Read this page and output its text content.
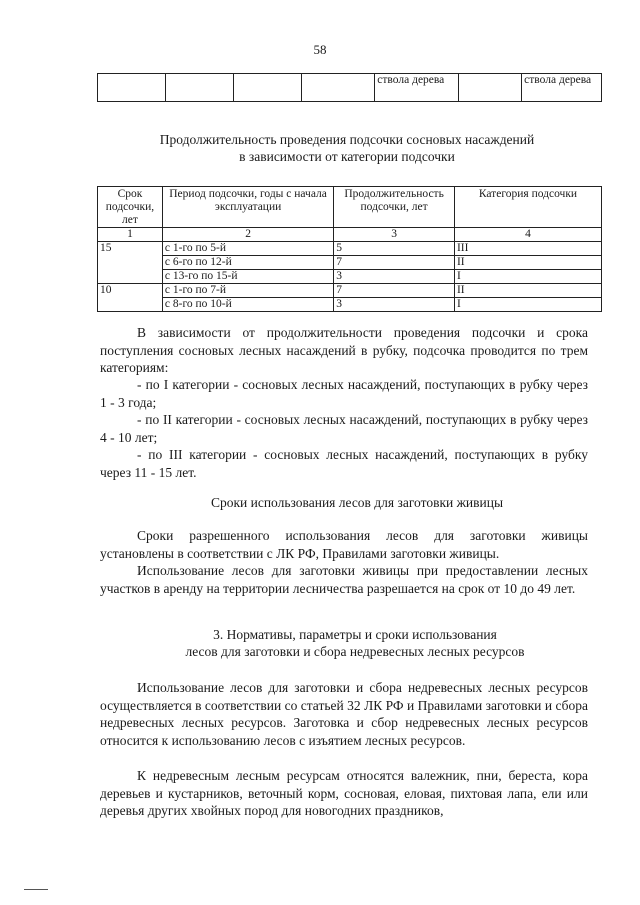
58
				ствола дерева		ствола дерева
Продолжительность проведения подсочки сосновых насаждений
в зависимости от категории подсочки
Срок подсочки, лет	Период подсочки, годы с начала эксплуатации	Продолжительность подсочки, лет	Категория подсочки
1	2	3	4
15	с 1-го по 5-й	5	III
	с 6-го по 12-й	7	II
	с 13-го по 15-й	3	I
10	с 1-го по 7-й	7	II
	с 8-го по 10-й	3	I
В зависимости от продолжительности проведения подсочки и срока поступления сосновых лесных насаждений в рубку, подсочка проводится по трем категориям:
- по I категории - сосновых лесных насаждений, поступающих в рубку через 1 - 3 года;
- по II категории - сосновых лесных насаждений, поступающих в рубку через 4 - 10 лет;
- по III категории - сосновых лесных насаждений, поступающих в рубку через 11 - 15 лет.
Сроки использования лесов для заготовки живицы
Сроки разрешенного использования лесов для заготовки живицы установлены в соответствии с ЛК РФ, Правилами заготовки живицы.
Использование лесов для заготовки живицы при предоставлении лесных участков в аренду на территории лесничества разрешается на срок от 10 до 49 лет.
3. Нормативы, параметры и сроки использования
лесов для заготовки и сбора недревесных лесных ресурсов
Использование лесов для заготовки и сбора недревесных лесных ресурсов осуществляется в соответствии со статьей 32 ЛК РФ и Правилами заготовки и сбора недревесных лесных ресурсов. Заготовка и сбор недревесных лесных ресурсов относится к использованию лесов с изъятием лесных ресурсов.
К недревесным лесным ресурсам относятся валежник, пни, береста, кора деревьев и кустарников, веточный корм, сосновая, еловая, пихтовая лапа, ели или деревья других хвойных пород для новогодних праздников,
